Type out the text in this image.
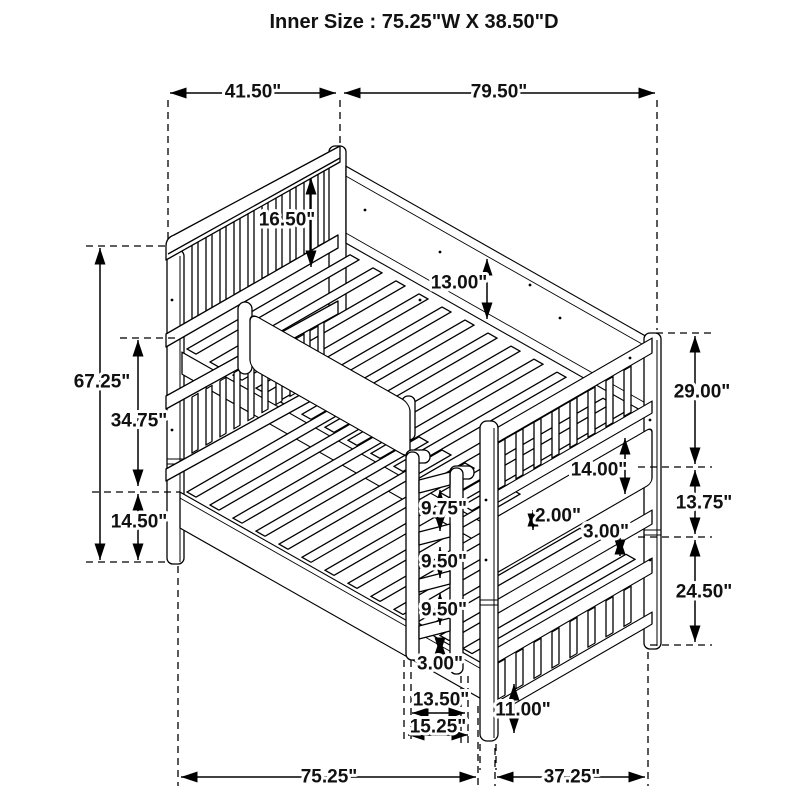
Inner Size : 75.25"W X 38.50"D
41.50"	79.50"
16.50"
13.00"
67.25"
34.75"
14.50"
29.00"
13.75"
24.50"
14.00"
2.00"
3.00"
9.75"
9.50"
9.50"
3.00"
13.50"
15.25"
11.00"
75.25"	37.25"
